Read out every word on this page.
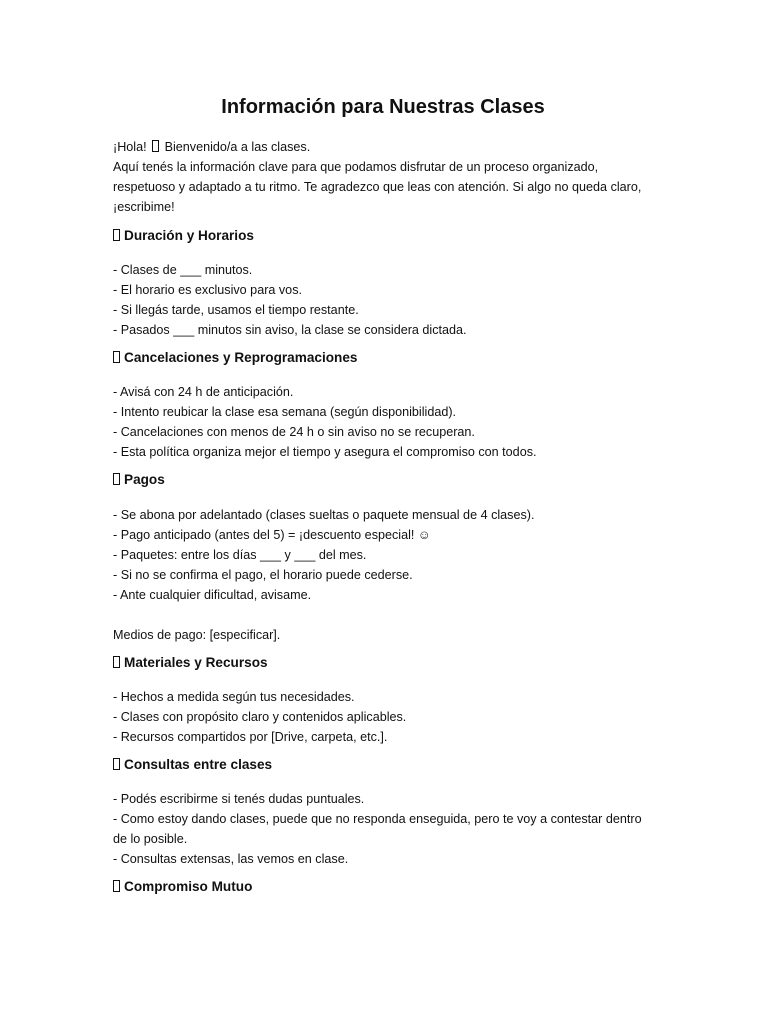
Información para Nuestras Clases

¡Hola! Bienvenido/a a las clases.

Aquí tenés la información clave para que podamos disfrutar de un proceso organizado, respetuoso y adaptado a tu ritmo. Te agradezco que leas con atención. Si algo no queda claro, ¡escribime!

Duración y Horarios
- Clases de ___ minutos.
- El horario es exclusivo para vos.
- Si llegás tarde, usamos el tiempo restante.
- Pasados ___ minutos sin aviso, la clase se considera dictada.
Cancelaciones y Reprogramaciones
- Avisá con 24 h de anticipación.
- Intento reubicar la clase esa semana (según disponibilidad).
- Cancelaciones con menos de 24 h o sin aviso no se recuperan.
- Esta política organiza mejor el tiempo y asegura el compromiso con todos.
Pagos
- Se abona por adelantado (clases sueltas o paquete mensual de 4 clases).
- Pago anticipado (antes del 5) = ¡descuento especial! ☺
- Paquetes: entre los días ___ y ___ del mes.
- Si no se confirma el pago, el horario puede cederse.
- Ante cualquier dificultad, avisame.

Medios de pago: [especificar].

Materiales y Recursos
- Hechos a medida según tus necesidades.
- Clases con propósito claro y contenidos aplicables.
- Recursos compartidos por [Drive, carpeta, etc.].
Consultas entre clases
- Podés escribirme si tenés dudas puntuales.
- Como estoy dando clases, puede que no responda enseguida, pero te voy a contestar dentro de lo posible.
- Consultas extensas, las vemos en clase.
Compromiso Mutuo
